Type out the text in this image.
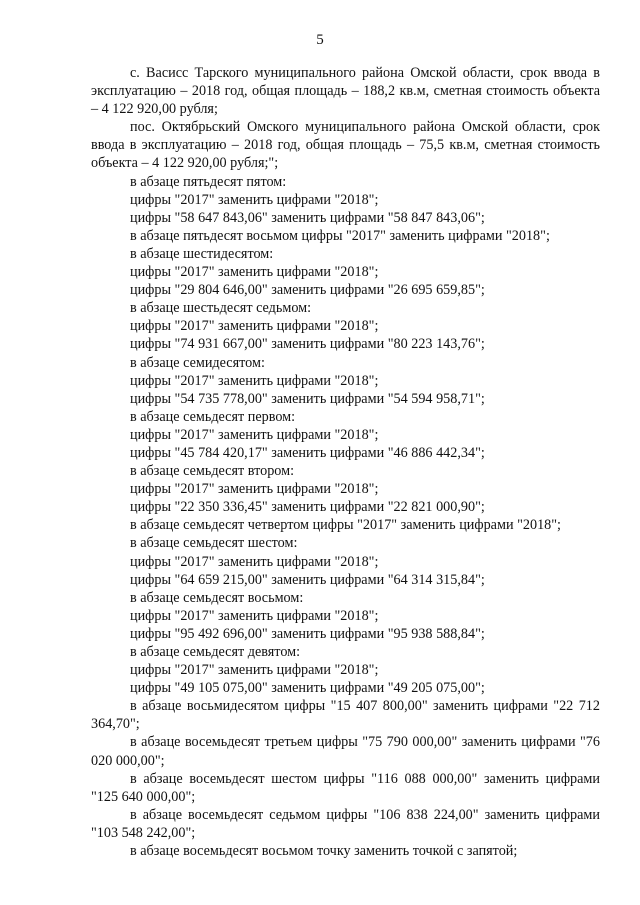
5

с. Васисс Тарского муниципального района Омской области, срок ввода в эксплуатацию – 2018 год, общая площадь – 188,2 кв.м, сметная стоимость объекта – 4 122 920,00 рубля;

пос. Октябрьский Омского муниципального района Омской области, срок ввода в эксплуатацию – 2018 год, общая площадь – 75,5 кв.м, сметная стоимость объекта – 4 122 920,00 рубля;";

в абзаце пятьдесят пятом:

цифры "2017" заменить цифрами "2018";

цифры "58 647 843,06" заменить цифрами "58 847 843,06";

в абзаце пятьдесят восьмом цифры "2017" заменить цифрами "2018";

в абзаце шестидесятом:

цифры "2017" заменить цифрами "2018";

цифры "29 804 646,00" заменить цифрами "26 695 659,85";

в абзаце шестьдесят седьмом:

цифры "2017" заменить цифрами "2018";

цифры "74 931 667,00" заменить цифрами "80 223 143,76";

в абзаце семидесятом:

цифры "2017" заменить цифрами "2018";

цифры "54 735 778,00" заменить цифрами "54 594 958,71";

в абзаце семьдесят первом:

цифры "2017" заменить цифрами "2018";

цифры "45 784 420,17" заменить цифрами "46 886 442,34";

в абзаце семьдесят втором:

цифры "2017" заменить цифрами "2018";

цифры "22 350 336,45" заменить цифрами "22 821 000,90";

в абзаце семьдесят четвертом цифры "2017" заменить цифрами "2018";

в абзаце семьдесят шестом:

цифры "2017" заменить цифрами "2018";

цифры "64 659 215,00" заменить цифрами "64 314 315,84";

в абзаце семьдесят восьмом:

цифры "2017" заменить цифрами "2018";

цифры "95 492 696,00" заменить цифрами "95 938 588,84";

в абзаце семьдесят девятом:

цифры "2017" заменить цифрами "2018";

цифры "49 105 075,00" заменить цифрами "49 205 075,00";

в абзаце восьмидесятом цифры "15 407 800,00" заменить цифрами "22 712 364,70";

в абзаце восемьдесят третьем цифры "75 790 000,00" заменить цифрами "76 020 000,00";

в абзаце восемьдесят шестом цифры "116 088 000,00" заменить цифрами "125 640 000,00";

в абзаце восемьдесят седьмом цифры "106 838 224,00" заменить цифрами "103 548 242,00";

в абзаце восемьдесят восьмом точку заменить точкой с запятой;
